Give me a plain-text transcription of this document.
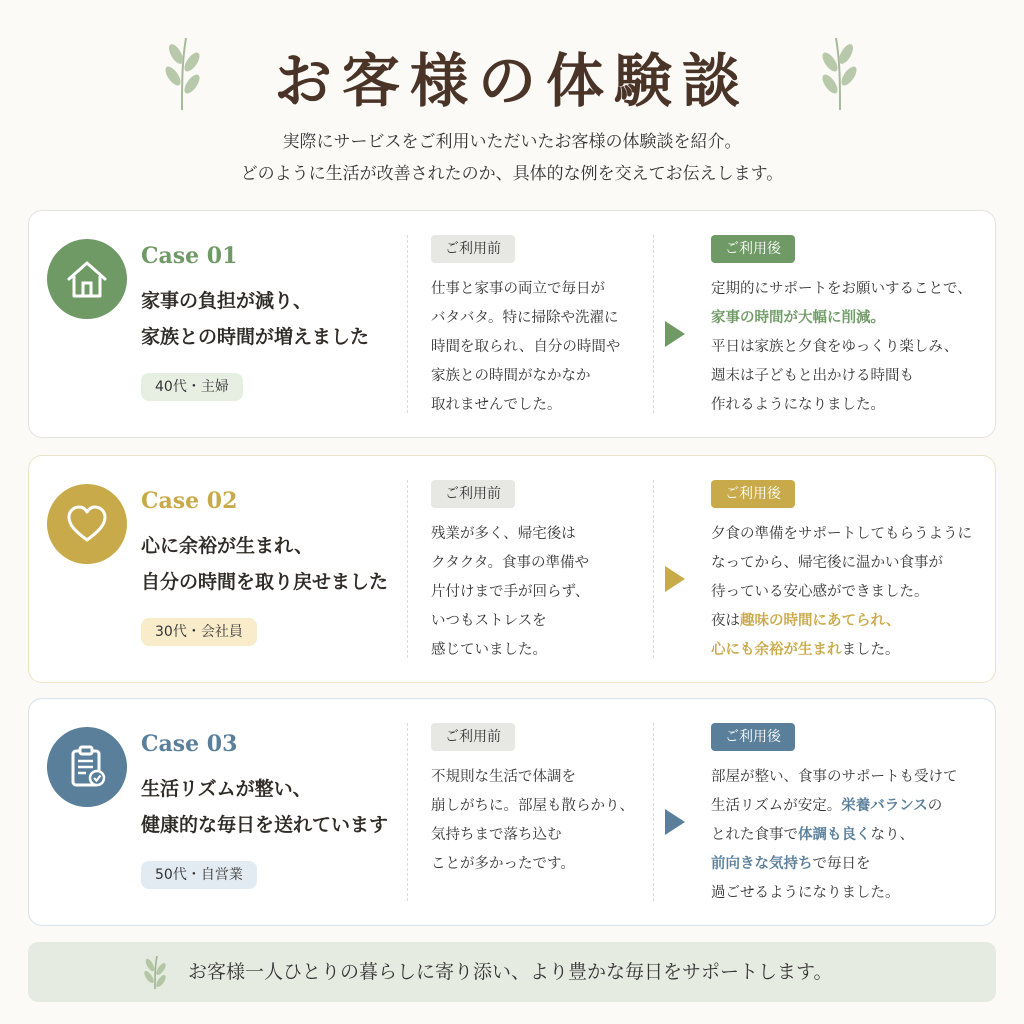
お客様の体験談
実際にサービスをご利用いただいたお客様の体験談を紹介。
どのように生活が改善されたのか、具体的な例を交えてお伝えします。
Case 01
家事の負担が減り、
家族との時間が増えました
40代・主婦
ご利用前
仕事と家事の両立で毎日が
バタバタ。特に掃除や洗濯に
時間を取られ、自分の時間や
家族との時間がなかなか
取れませんでした。
ご利用後
定期的にサポートをお願いすることで、
家事の時間が大幅に削減。
平日は家族と夕食をゆっくり楽しみ、
週末は子どもと出かける時間も
作れるようになりました。
Case 02
心に余裕が生まれ、
自分の時間を取り戻せました
30代・会社員
ご利用前
残業が多く、帰宅後は
クタクタ。食事の準備や
片付けまで手が回らず、
いつもストレスを
感じていました。
ご利用後
夕食の準備をサポートしてもらうように
なってから、帰宅後に温かい食事が
待っている安心感ができました。
夜は趣味の時間にあてられ、
心にも余裕が生まれました。
Case 03
生活リズムが整い、
健康的な毎日を送れています
50代・自営業
ご利用前
不規則な生活で体調を
崩しがちに。部屋も散らかり、
気持ちまで落ち込む
ことが多かったです。
ご利用後
部屋が整い、食事のサポートも受けて
生活リズムが安定。栄養バランスの
とれた食事で体調も良くなり、
前向きな気持ちで毎日を
過ごせるようになりました。
お客様一人ひとりの暮らしに寄り添い、より豊かな毎日をサポートします。
